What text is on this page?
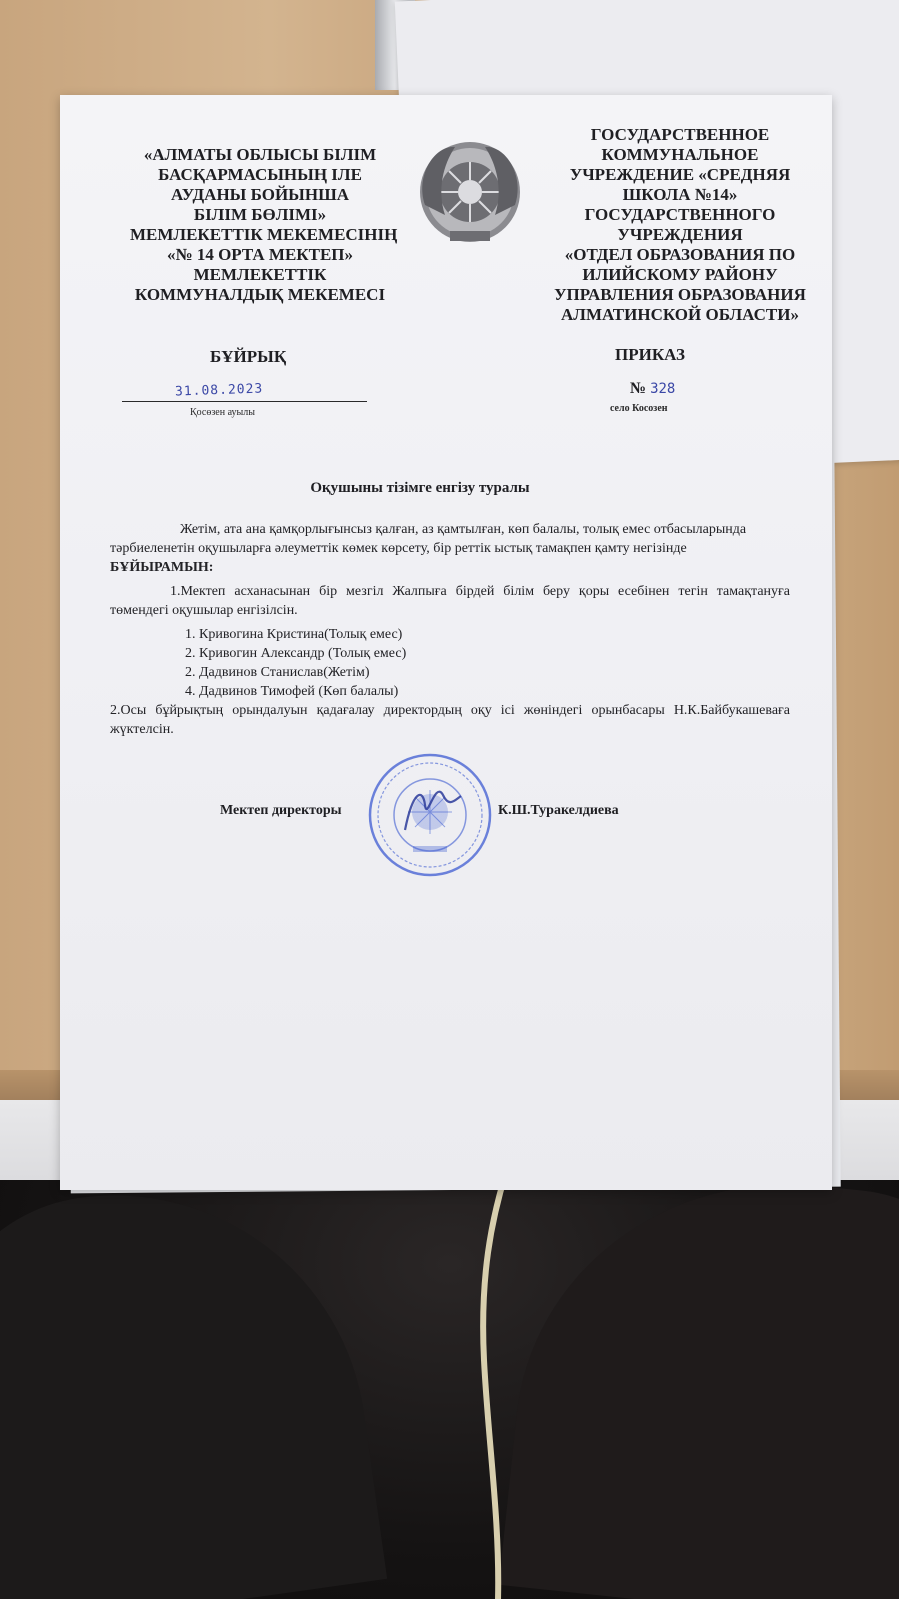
«АЛМАТЫ ОБЛЫСЫ БІЛІМ
БАСҚАРМАСЫНЫҢ ІЛЕ
АУДАНЫ БОЙЫНША
БІЛІМ БӨЛІМІ»
МЕМЛЕКЕТТІК МЕКЕМЕСІНІҢ
«№ 14 ОРТА МЕКТЕП»
МЕМЛЕКЕТТІК
КОММУНАЛДЫҚ МЕКЕМЕСІ
ГОСУДАРСТВЕННОЕ
КОММУНАЛЬНОЕ
УЧРЕЖДЕНИЕ «СРЕДНЯЯ
ШКОЛА №14»
ГОСУДАРСТВЕННОГО
УЧРЕЖДЕНИЯ
«ОТДЕЛ ОБРАЗОВАНИЯ ПО
ИЛИЙСКОМУ РАЙОНУ
УПРАВЛЕНИЯ ОБРАЗОВАНИЯ
АЛМАТИНСКОЙ ОБЛАСТИ»
БҰЙРЫҚ	ПРИКАЗ
31.08.2023
Қосөзен ауылы
№ 328
село Косозен
Оқушыны тізімге енгізу туралы
Жетім, ата ана қамқорлығынсыз қалған, аз қамтылған, көп балалы, толық емес отбасыларында тәрбиеленетін оқушыларға әлеуметтік көмек көрсету, бір реттік ыстық тамақпен қамту негізінде БҰЙЫРАМЫН:
1.Мектеп асханасынан бір мезгіл Жалпыға бірдей білім беру қоры есебінен тегін тамақтануға төмендегі оқушылар енгізілсін.
1. Кривогина Кристина(Толық емес)
2. Кривогин Александр (Толық емес)
2. Дадвинов Станислав(Жетім)
4. Дадвинов Тимофей (Көп балалы)
2.Осы бұйрықтың орындалуын қадағалау директордың оқу ісі жөніндегі орынбасары Н.К.Байбукашеваға жүктелсін.
Мектеп директоры	К.Ш.Туракелдиева
